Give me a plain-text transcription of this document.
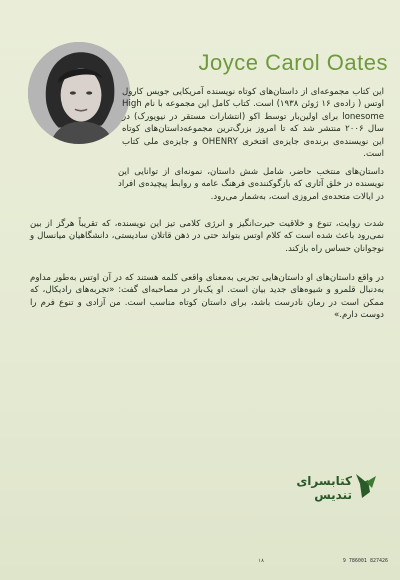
Joyce Carol Oates

این کتاب مجموعه‌ای از داستان‌های کوتاه نویسنده آمریکایی جویس کارول اوتس ( زاده‌ی ۱۶ ژوئن ۱۹۳۸) است. کتاب کامل این مجموعه با نام High lonesome برای اولین‌بار توسط اکو (انتشارات مستقر در نیویورک) در سال ۲۰۰۶ منتشر شد که تا امروز بزرگ‌ترین مجموعه‌داستان‌های کوتاه این نویسنده‌ی برنده‌ی جایزه‌ی افتخری OHENRY و جایزه‌ی ملی کتاب است.

داستان‌های منتخب حاضر، شامل شش داستان، نمونه‌ای از توانایی این نویسنده در خلق آثاری که بازگوکننده‌ی فرهنگ عامه و روابط پیچیده‌ی افراد در ایالات متحده‌ی امروزی است، به‌شمار می‌رود.

شدت روایت، تنوع و خلاقیت حیرت‌انگیز و انرژی کلامی تیز این نویسنده، که تقریباً هرگز از بین نمی‌رود باعث شده است که کلام اوتس بتواند حتی در ذهن قاتلان سادیستی، دانشگاهیان میانسال و نوجوانان حساس راه بازکند.

در واقع داستان‌های او داستان‌هایی تجربی به‌معنای واقعی کلمه هستند که در آن اوتس به‌طور مداوم به‌دنبال قلمرو و شیوه‌های جدید بیان است. او یک‌بار در مصاحبه‌ای گفت: «تجربه‌های رادیکال، که ممکن است در رمان نادرست باشد، برای داستان کوتاه مناسب است. من آزادی و تنوع فرم را دوست دارم.»

کتابسرای
تندیس
۱۸	9 786001 827426
